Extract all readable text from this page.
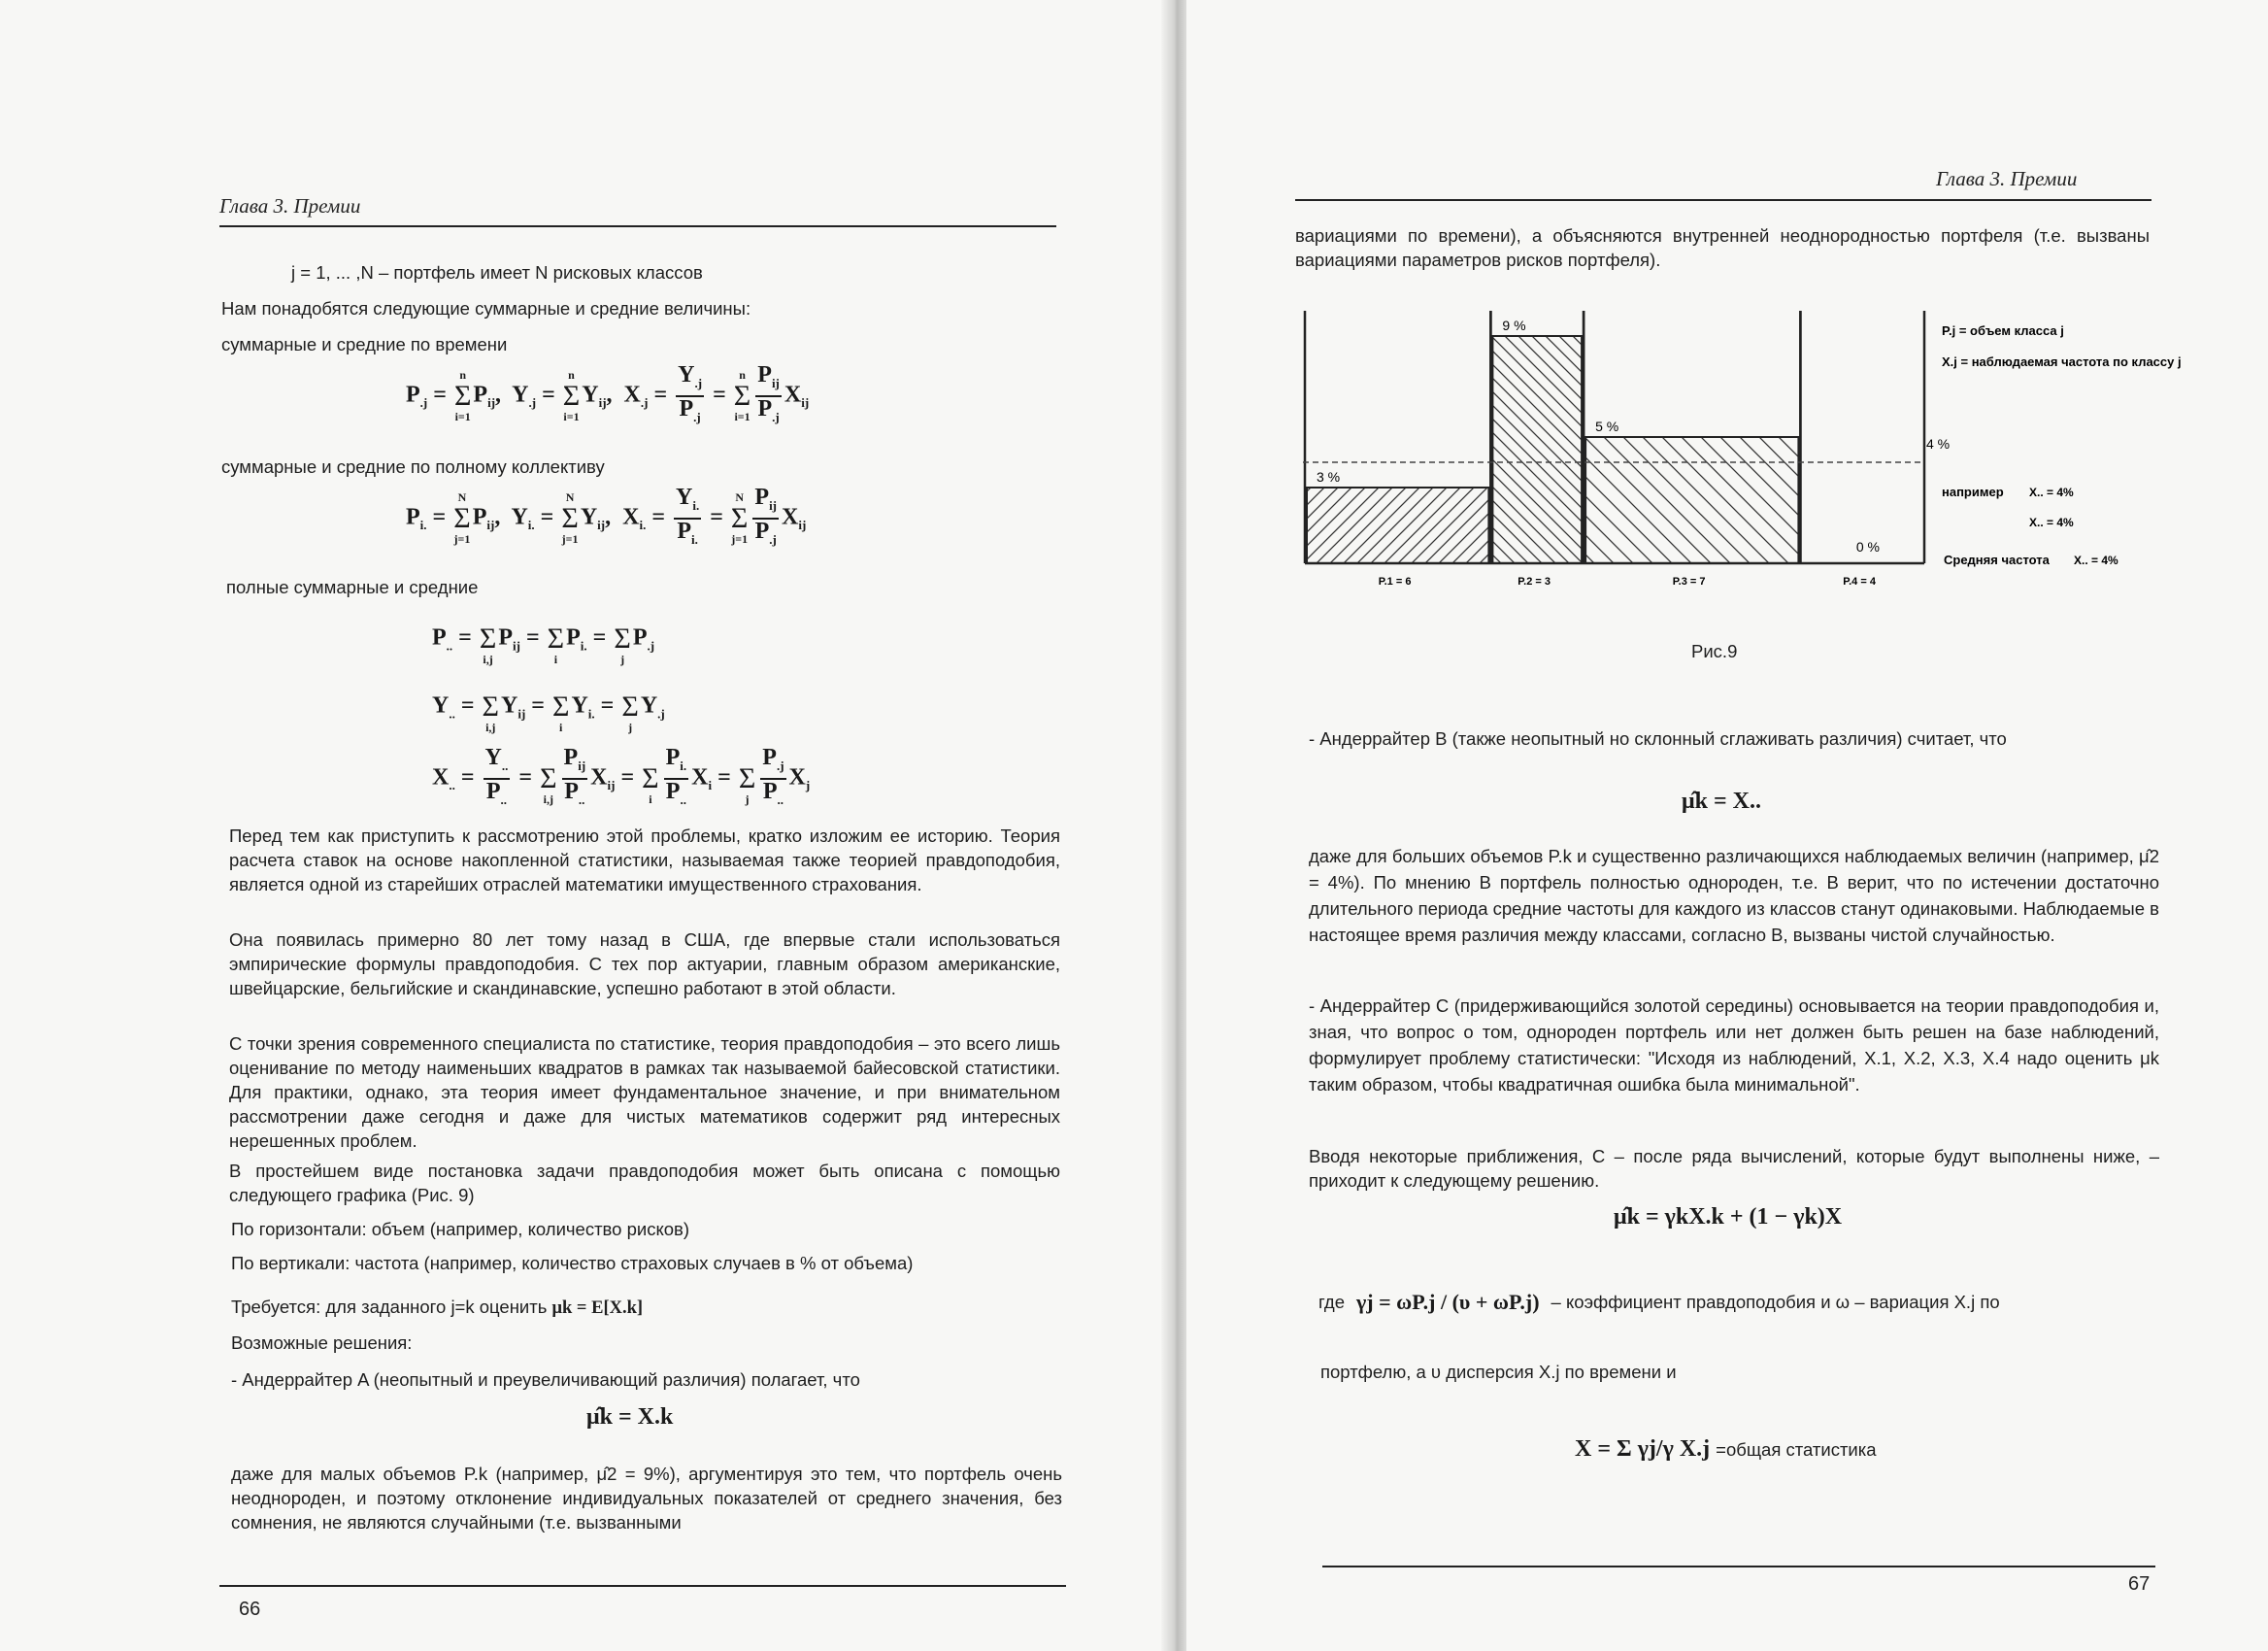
Глава 3. Премии

j = 1, ... ,N – портфель имеет N рисковых классов

Нам понадобятся следующие суммарные и средние величины:

суммарные и средние по времени

$P_{.j}$ =
n
Σ
i=1
$P_{ij}$,  $Y_{.j}$ =
n
Σ
i=1
$Y_{ij}$,  $X_{.j} = \frac{Y_{.j}}{P_{.j}}$ =
n
Σ
$i=1 \frac{P_{ij}}{P_{.j}} X_{ij}$

суммарные и средние по полному коллективу

$P_{i.}$ =
N
Σ
j=1
$P_{ij}$,  $Y_{i.}$ =
N
Σ
j=1
$Y_{ij}$,  $X_{i.} = \frac{Y_{i.}}{P_{i.}}$ =
N
Σ
$j=1 \frac{P_{ij}}{P_{.j}} X_{ij}$

полные суммарные и средние

$P_{..}$ =
Σ
i,j
$P_{ij}$ =
Σ
i
$P_{i.}$ =
Σ
j
$P_{.j}$
$Y_{..}$ =
Σ
i,j
$Y_{ij}$ =
Σ
i
$Y_{i.}$ =
Σ
j
$Y_{.j}$
$X_{..} = \frac{Y_{..}}{P_{..}}$ =
Σ
$i,j \frac{P_{ij}}{P_{..}} X_{ij}$ =
Σ
i $\frac{P_{i.}}{P_{..}} X_i$ =
Σ
j $\frac{P_{.j}}{P_{..}} X_j$

Перед тем как приступить к рассмотрению этой проблемы, кратко изложим ее историю. Теория расчета ставок на основе накопленной статистики, называемая также теорией правдоподобия, является одной из старейших отраслей математики имущественного страхования.

Она появилась примерно 80 лет тому назад в США, где впервые стали использоваться эмпирические формулы правдоподобия. С тех пор актуарии, главным образом американские, швейцарские, бельгийские и скандинавские, успешно работают в этой области.

С точки зрения современного специалиста по статистике, теория правдоподобия – это всего лишь оценивание по методу наименьших квадратов в рамках так называемой байесовской статистики. Для практики, однако, эта теория имеет фундаментальное значение, и при внимательном рассмотрении даже сегодня и даже для чистых математиков содержит ряд интересных нерешенных проблем.

В простейшем виде постановка задачи правдоподобия может быть описана с помощью следующего графика (Рис. 9)

По горизонтали: объем (например, количество рисков)

По вертикали: частота (например, количество страховых случаев в % от объема)

Требуется: для заданного j=k оценить μk = E[X.k]

Возможные решения:

- Андеррайтер A (неопытный и преувеличивающий различия) полагает, что

μ̂k = X.k

даже для малых объемов P.k (например, μ̂2 = 9%), аргументируя это тем, что портфель очень неоднороден, и поэтому отклонение индивидуальных показателей от среднего значения, без сомнения, не являются случайными (т.е. вызванными

66
Глава 3. Премии

вариациями по времени), а объясняются внутренней неоднородностью портфеля (т.е. вызваны вариациями параметров рисков портфеля).

3 %
P.1 = 6
9 %
P.2 = 3
5 %
P.3 = 7
0 %
P.4 = 4
4 %
P.j = объем класса j
X.j = наблюдаемая частота по классу j
например X.. = 4%
X.. = 4%
Средняя частота X.. = 4%

Рис.9

- Андеррайтер B (также неопытный но склонный сглаживать различия) считает, что

μ̂k = X..

даже для больших объемов P.k и существенно различающихся наблюдаемых величин (например, μ̂2 = 4%). По мнению B портфель полностью однороден, т.е. B верит, что по истечении достаточно длительного периода средние частоты для каждого из классов станут одинаковыми. Наблюдаемые в настоящее время различия между классами, согласно B, вызваны чистой случайностью.

- Андеррайтер C (придерживающийся золотой середины) основывается на теории правдоподобия и, зная, что вопрос о том, однороден портфель или нет должен быть решен на базе наблюдений, формулирует проблему статистически: "Исходя из наблюдений, X.1, X.2, X.3, X.4 надо оценить μk таким образом, чтобы квадратичная ошибка была минимальной".

Вводя некоторые приближения, C – после ряда вычислений, которые будут выполнены ниже, – приходит к следующему решению.

μ̂k = γkX.k + (1 − γk)X
где γj = ωP.j / (υ + ωP.j) – коэффициент правдоподобия и ω – вариация X.j по

портфелю, а υ дисперсия X.j по времени и

X = Σ γj/γ X.j =общая статистика
67
